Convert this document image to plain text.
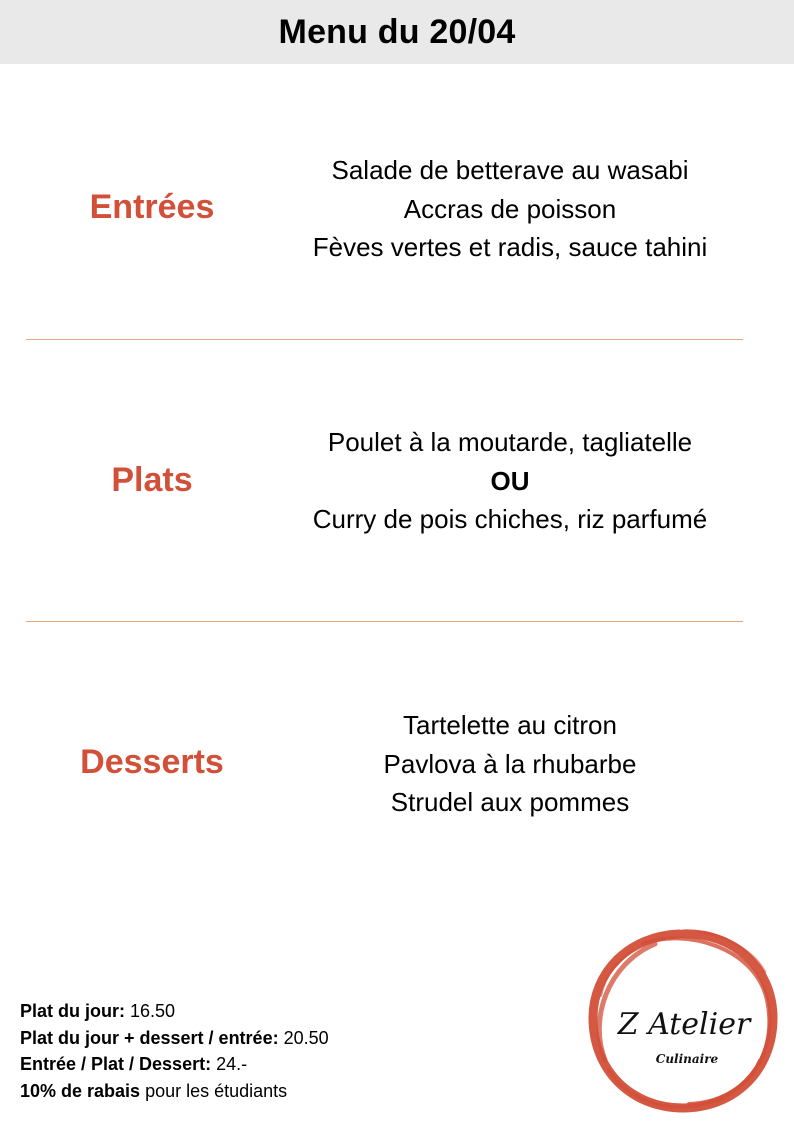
Menu du 20/04
Entrées
Salade de betterave au wasabi
Accras de poisson
Fèves vertes et radis, sauce tahini
Plats
Poulet à la moutarde, tagliatelle
OU
Curry de pois chiches, riz parfumé
Desserts
Tartelette au citron
Pavlova à la rhubarbe
Strudel aux pommes
Plat du jour: 16.50
Plat du jour + dessert / entrée: 20.50
Entrée / Plat / Dessert: 24.-
10% de rabais pour les étudiants
Z Atelier
Culinaire
